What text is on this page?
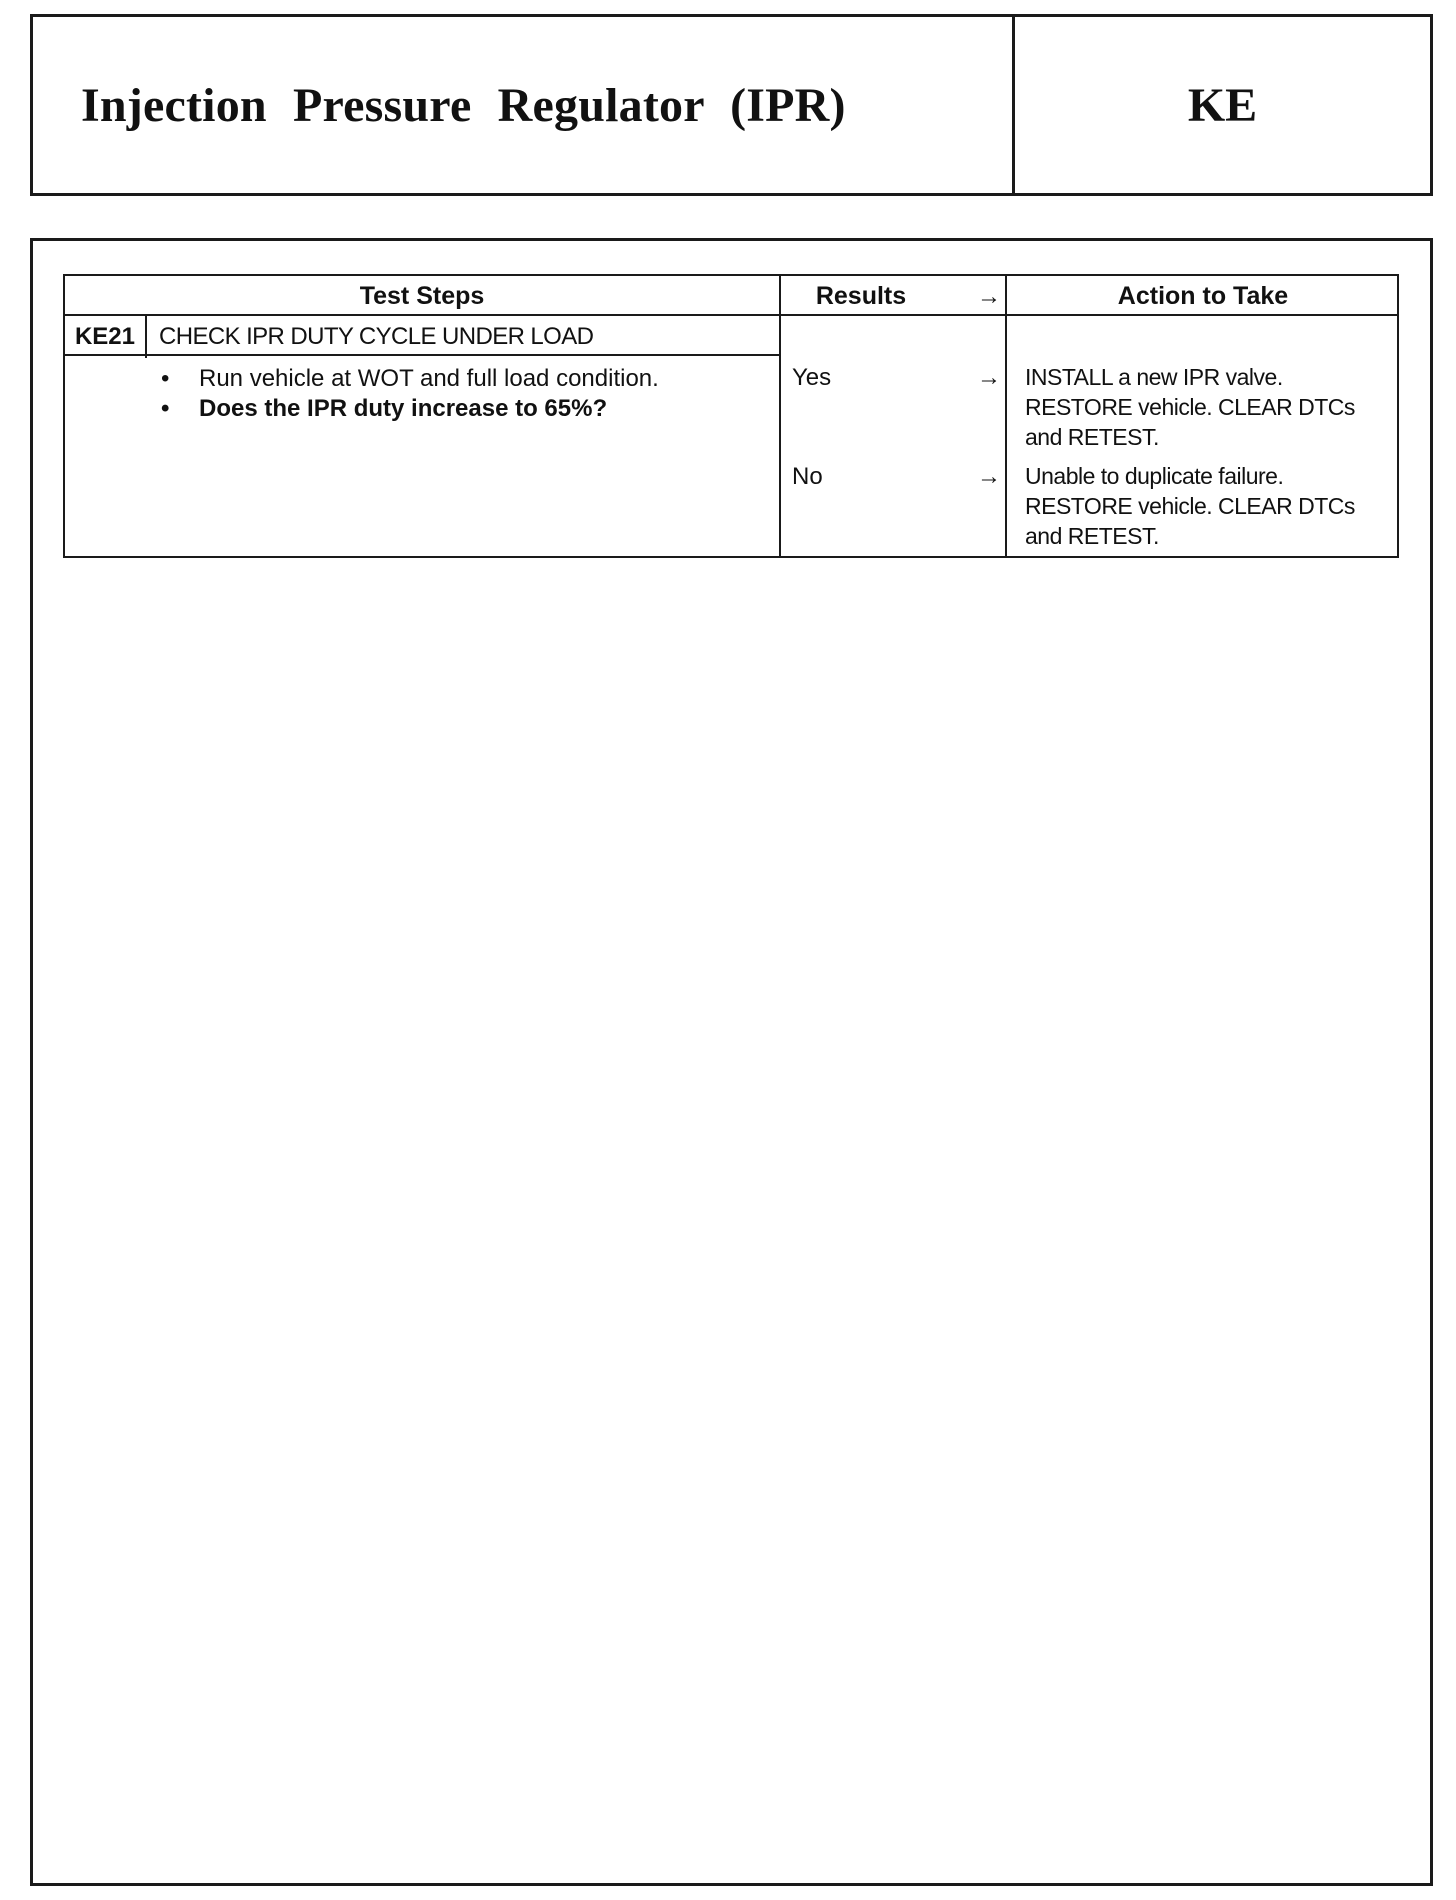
Injection Pressure Regulator (IPR)	KE
Test Steps	Results	→	Action to Take
KE21 CHECK IPR DUTY CYCLE UNDER LOAD
• Run vehicle at WOT and full load condition.
• Does the IPR duty increase to 65%?
Yes	→ INSTALL a new IPR valve. RESTORE vehicle. CLEAR DTCs and RETEST.
No	→ Unable to duplicate failure. RESTORE vehicle. CLEAR DTCs and RETEST.
